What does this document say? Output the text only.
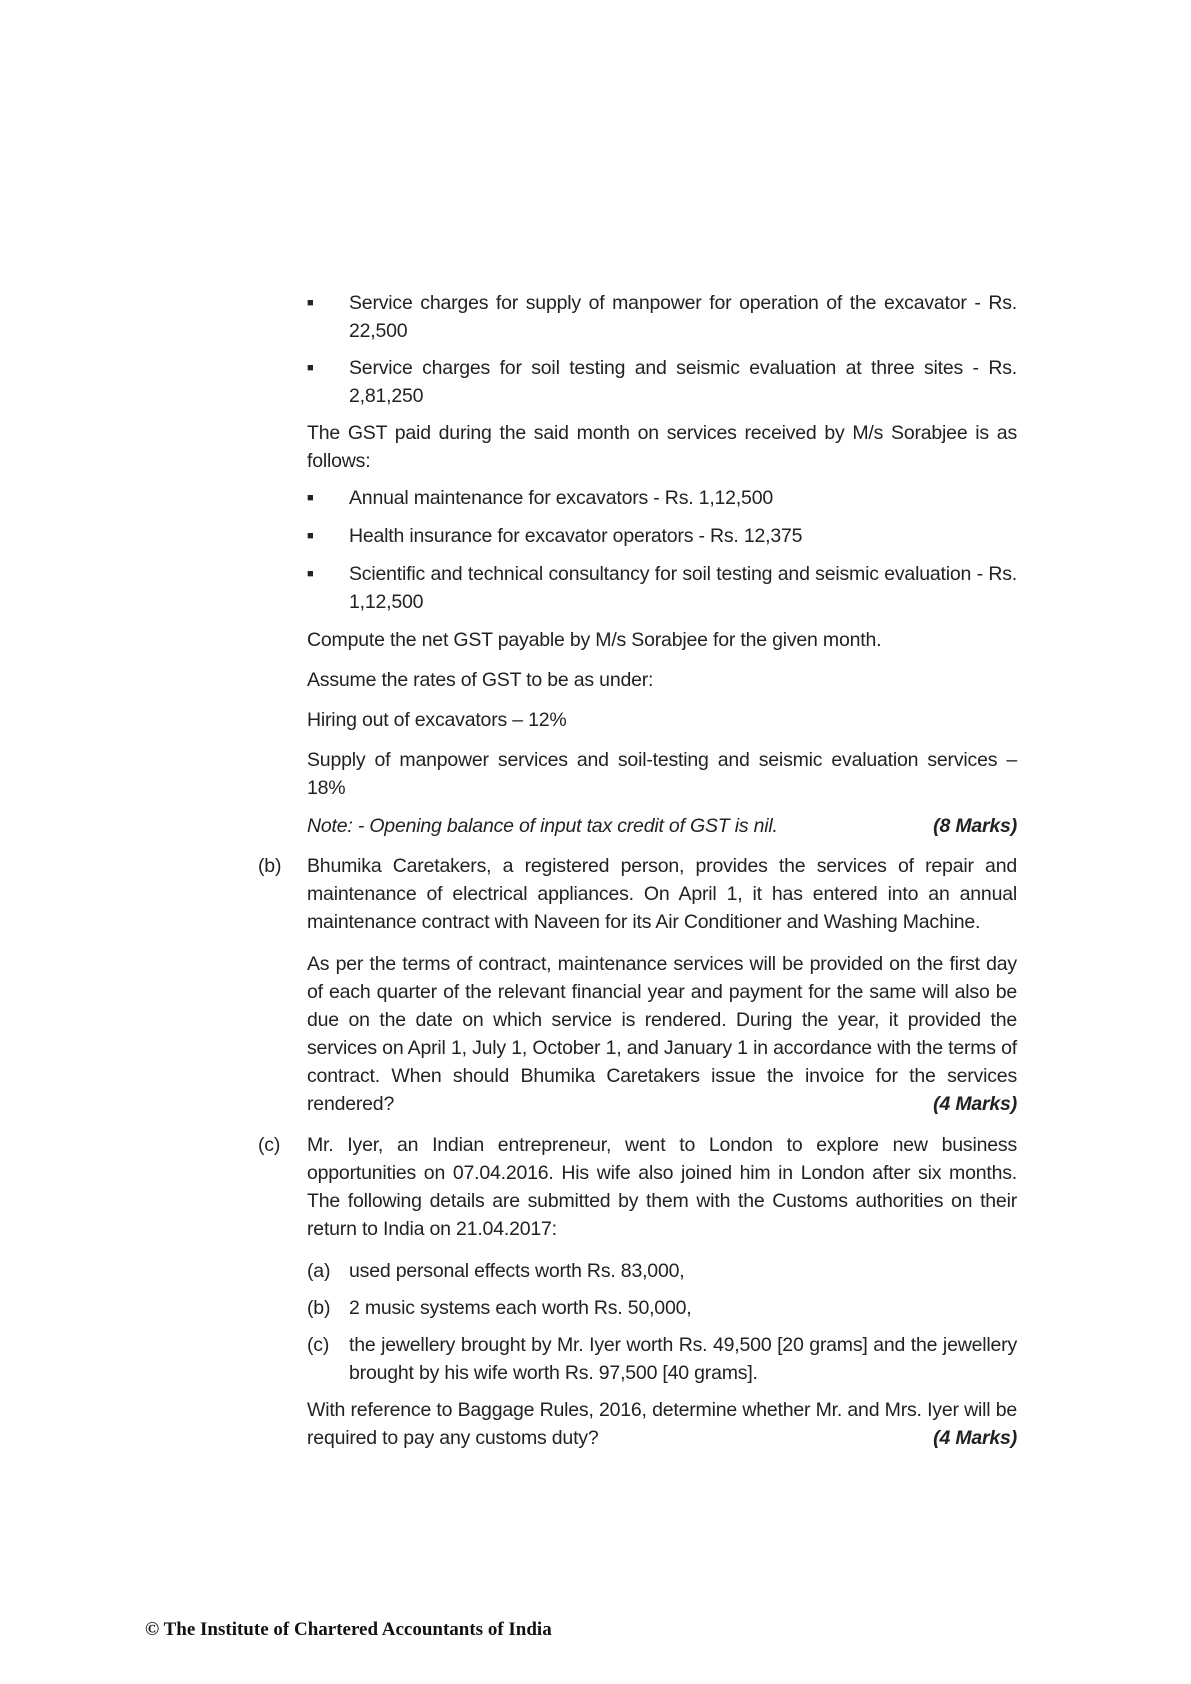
■ Service charges for supply of manpower for operation of the excavator - Rs. 22,500
■ Service charges for soil testing and seismic evaluation at three sites - Rs. 2,81,250
The GST paid during the said month on services received by M/s Sorabjee is as follows:
■ Annual maintenance for excavators - Rs. 1,12,500
■ Health insurance for excavator operators - Rs. 12,375
■ Scientific and technical consultancy for soil testing and seismic evaluation - Rs. 1,12,500
Compute the net GST payable by M/s Sorabjee for the given month.
Assume the rates of GST to be as under:
Hiring out of excavators – 12%
Supply of manpower services and soil-testing and seismic evaluation services – 18%
(8 Marks)
Note: - Opening balance of input tax credit of GST is nil.
(b) Bhumika Caretakers, a registered person, provides the services of repair and maintenance of electrical appliances. On April 1, it has entered into an annual maintenance contract with Naveen for its Air Conditioner and Washing Machine.
As per the terms of contract, maintenance services will be provided on the first day of each quarter of the relevant financial year and payment for the same will also be due on the date on which service is rendered. During the year, it provided the services on April 1, July 1, October 1, and January 1 in accordance with the terms of contract. When should Bhumika Caretakers issue the invoice for the services rendered?	(4 Marks)
(c) Mr. Iyer, an Indian entrepreneur, went to London to explore new business opportunities on 07.04.2016. His wife also joined him in London after six months. The following details are submitted by them with the Customs authorities on their return to India on 21.04.2017:
(a) used personal effects worth Rs. 83,000,
(b) 2 music systems each worth Rs. 50,000,
(c) the jewellery brought by Mr. Iyer worth Rs. 49,500 [20 grams] and the jewellery brought by his wife worth Rs. 97,500 [40 grams].
With reference to Baggage Rules, 2016, determine whether Mr. and Mrs. Iyer will be required to pay any customs duty?	(4 Marks)
© The Institute of Chartered Accountants of India
